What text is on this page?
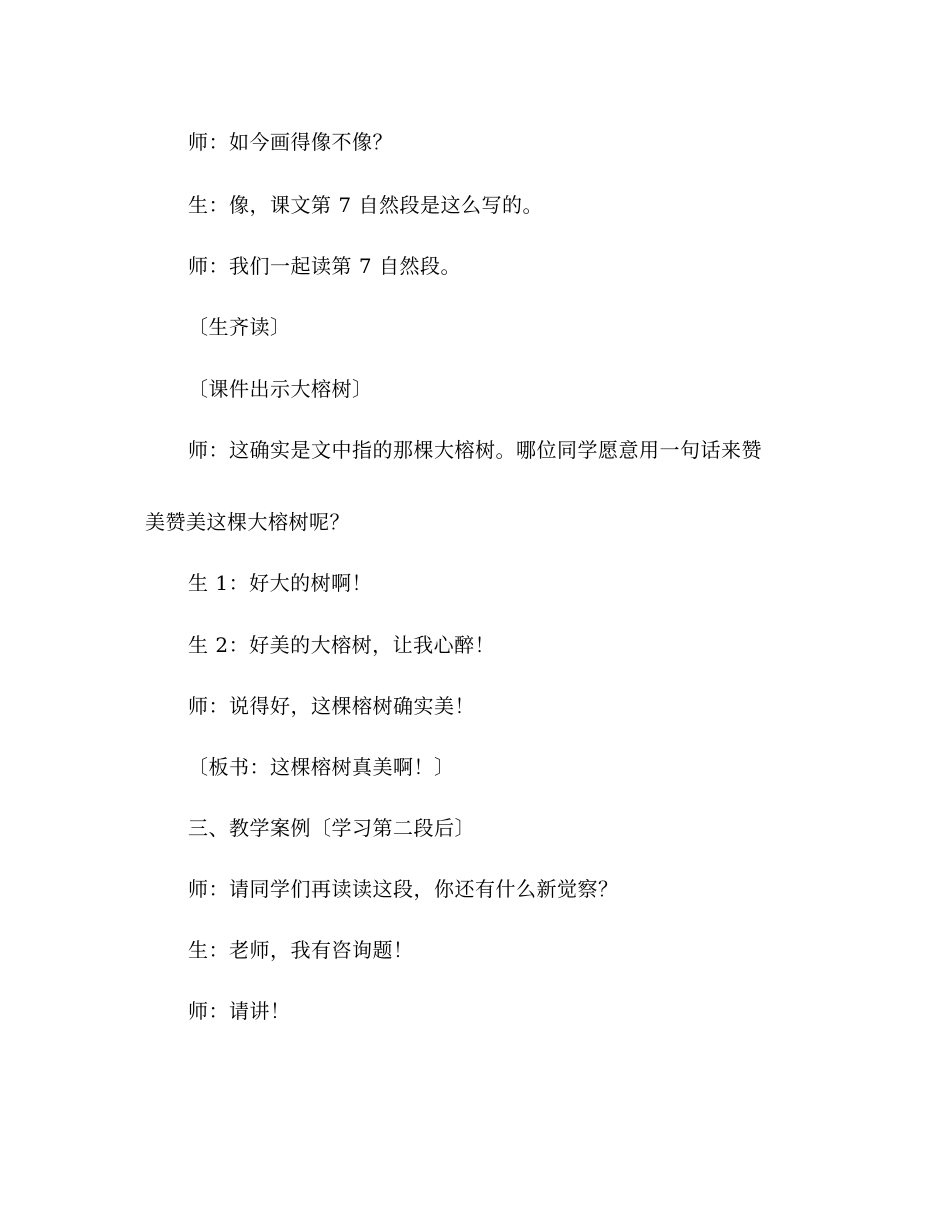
师：如今画得像不像？

生：像，课文第 7 自然段是这么写的。

师：我们一起读第 7 自然段。

〔生齐读〕

〔课件出示大榕树〕

师：这确实是文中指的那棵大榕树。哪位同学愿意用一句话来赞

美赞美这棵大榕树呢？

生 1：好大的树啊！

生 2：好美的大榕树，让我心醉！

师：说得好，这棵榕树确实美！

〔板书：这棵榕树真美啊！〕

三、教学案例〔学习第二段后〕

师：请同学们再读读这段，你还有什么新觉察？

生：老师，我有咨询题！

师：请讲！
